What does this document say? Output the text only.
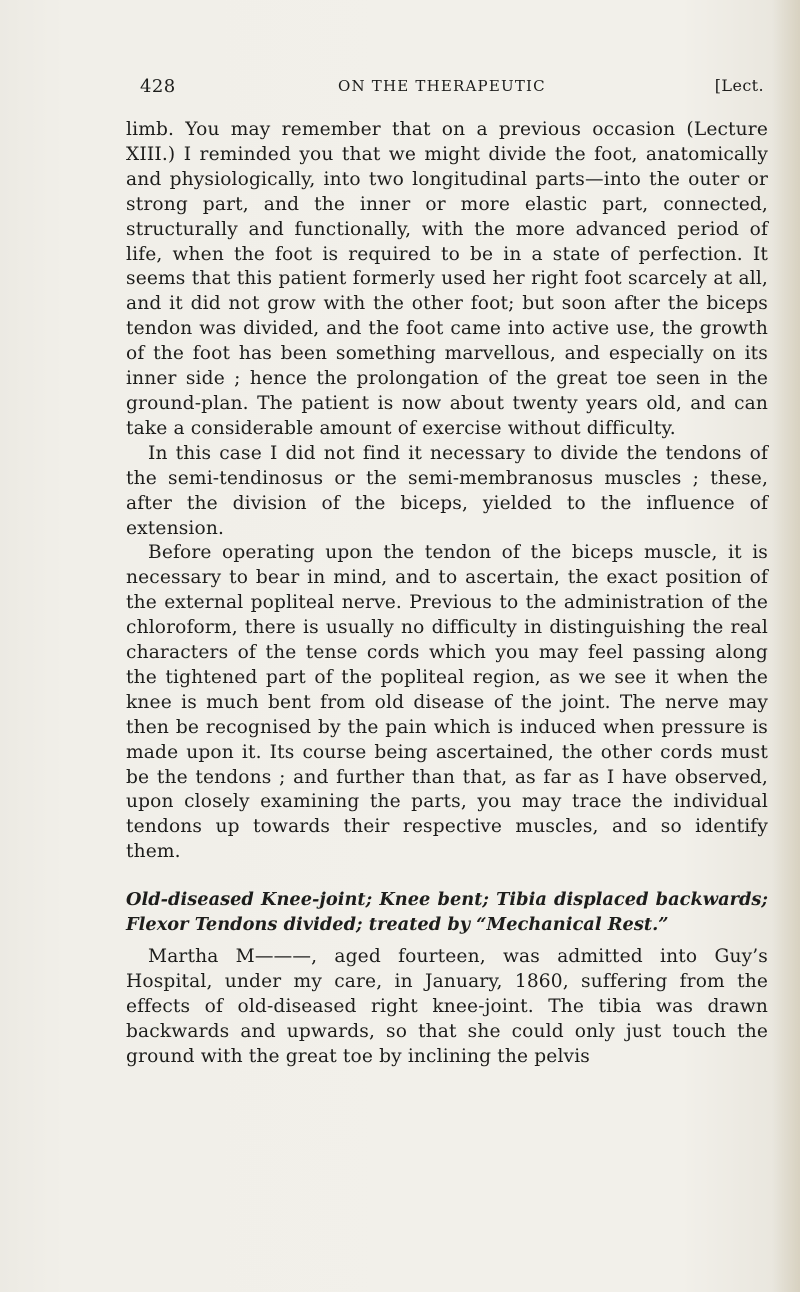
428	ON THE THERAPEUTIC	[Lect.

limb. You may remember that on a previous occasion (Lecture XIII.) I reminded you that we might divide the foot, anatomically and physiologically, into two longitudinal parts—into the outer or strong part, and the inner or more elastic part, connected, structurally and functionally, with the more advanced period of life, when the foot is required to be in a state of perfection. It seems that this patient formerly used her right foot scarcely at all, and it did not grow with the other foot; but soon after the biceps tendon was divided, and the foot came into active use, the growth of the foot has been something marvellous, and especially on its inner side ; hence the prolongation of the great toe seen in the ground-plan. The patient is now about twenty years old, and can take a considerable amount of exercise without difficulty.

In this case I did not find it necessary to divide the tendons of the semi-tendinosus or the semi-membranosus muscles ; these, after the division of the biceps, yielded to the influence of extension.

Before operating upon the tendon of the biceps muscle, it is necessary to bear in mind, and to ascertain, the exact position of the external popliteal nerve. Previous to the administration of the chloroform, there is usually no difficulty in distinguishing the real characters of the tense cords which you may feel passing along the tightened part of the popliteal region, as we see it when the knee is much bent from old disease of the joint. The nerve may then be recognised by the pain which is induced when pressure is made upon it. Its course being ascertained, the other cords must be the tendons ; and further than that, as far as I have observed, upon closely examining the parts, you may trace the individual tendons up towards their respective muscles, and so identify them.

Old-diseased Knee-joint; Knee bent; Tibia displaced backwards; Flexor Tendons divided; treated by “Mechanical Rest.”

Martha M———, aged fourteen, was admitted into Guy’s Hospital, under my care, in January, 1860, suffering from the effects of old-diseased right knee-joint. The tibia was drawn backwards and upwards, so that she could only just touch the ground with the great toe by inclining the pelvis
